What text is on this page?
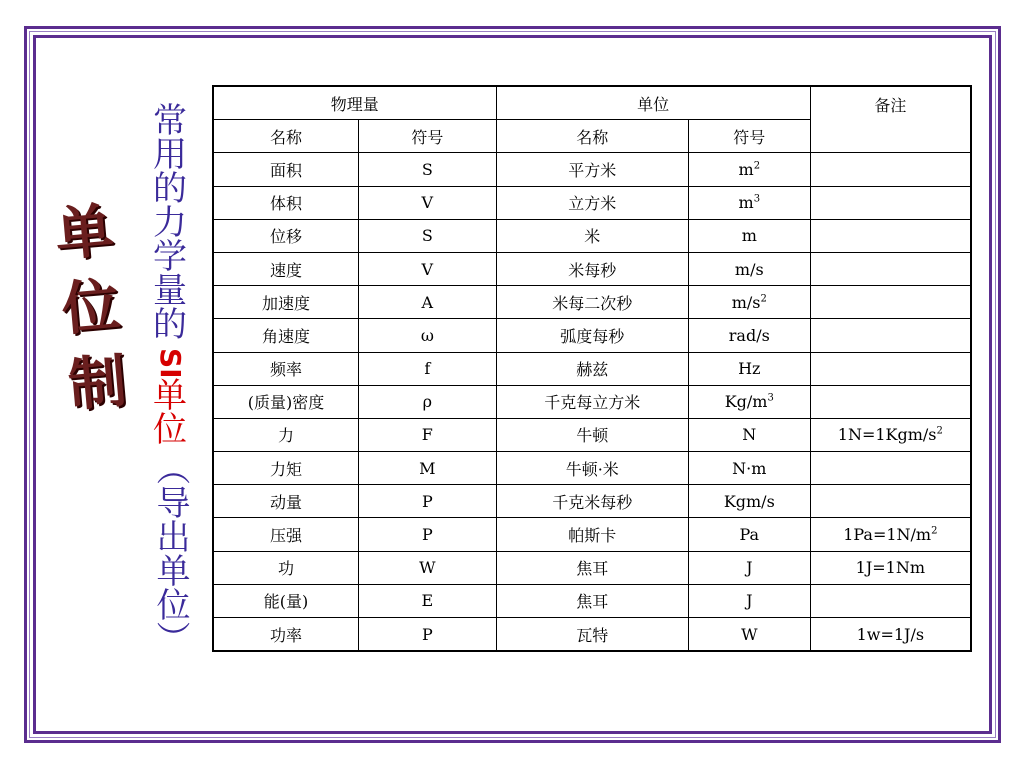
单
位
制
常
用
的
力
学
量
的
SI
单
位
（导出单位）
物理量		单位		备注
名称	符号	名称	符号	
面积	S	平方米	$m^2$	
体积	V	立方米	$m^3$	
位移	S	米	m	
速度	V	米每秒	m/s	
加速度	A	米每二次秒	$m/s^2$	
角速度	ω	弧度每秒	rad/s	
频率	f	赫兹	Hz	
(质量)密度	ρ	千克每立方米	$Kg/m^3$	
力	F	牛顿	N	$1N=1Kgm/s^2$
力矩	M	牛顿·米	N·m	
动量	P	千克米每秒	Kgm/s	
压强	P	帕斯卡	Pa	$1Pa=1N/m^2$
功	W	焦耳	J	1J=1Nm
能(量)	E	焦耳	J	
功率	P	瓦特	W	1w=1J/s
